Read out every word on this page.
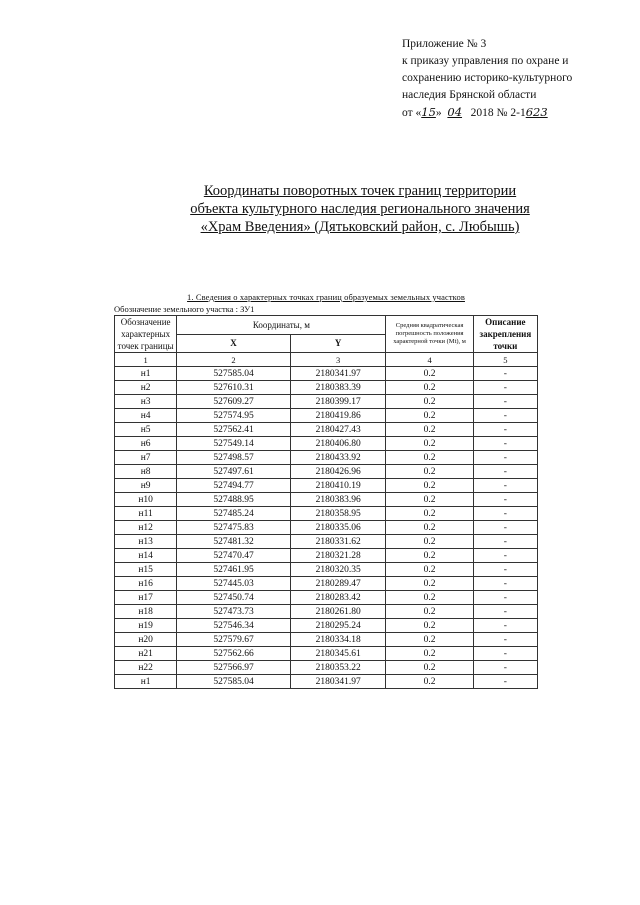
Приложение № 3
к приказу управления по охране и
сохранению историко-культурного
наследия Брянской области
от «15» 04 2018 № 2-1623
Координаты поворотных точек границ территории
объекта культурного наследия регионального значения
«Храм Введения» (Дятьковский район, с. Любышь)
1. Сведения о характерных точках границ образуемых земельных участков
Обозначение земельного участка : ЗУ1
Обозначение характерных точек границы	Координаты, м		Средняя квадратическая погрешность положения характерной точки (Mt), м	Описание закрепления точки
	X	Y		
1	2	3	4	5
н1	527585.04	2180341.97	0.2	-
н2	527610.31	2180383.39	0.2	-
н3	527609.27	2180399.17	0.2	-
н4	527574.95	2180419.86	0.2	-
н5	527562.41	2180427.43	0.2	-
н6	527549.14	2180406.80	0.2	-
н7	527498.57	2180433.92	0.2	-
н8	527497.61	2180426.96	0.2	-
н9	527494.77	2180410.19	0.2	-
н10	527488.95	2180383.96	0.2	-
н11	527485.24	2180358.95	0.2	-
н12	527475.83	2180335.06	0.2	-
н13	527481.32	2180331.62	0.2	-
н14	527470.47	2180321.28	0.2	-
н15	527461.95	2180320.35	0.2	-
н16	527445.03	2180289.47	0.2	-
н17	527450.74	2180283.42	0.2	-
н18	527473.73	2180261.80	0.2	-
н19	527546.34	2180295.24	0.2	-
н20	527579.67	2180334.18	0.2	-
н21	527562.66	2180345.61	0.2	-
н22	527566.97	2180353.22	0.2	-
н1	527585.04	2180341.97	0.2	-
